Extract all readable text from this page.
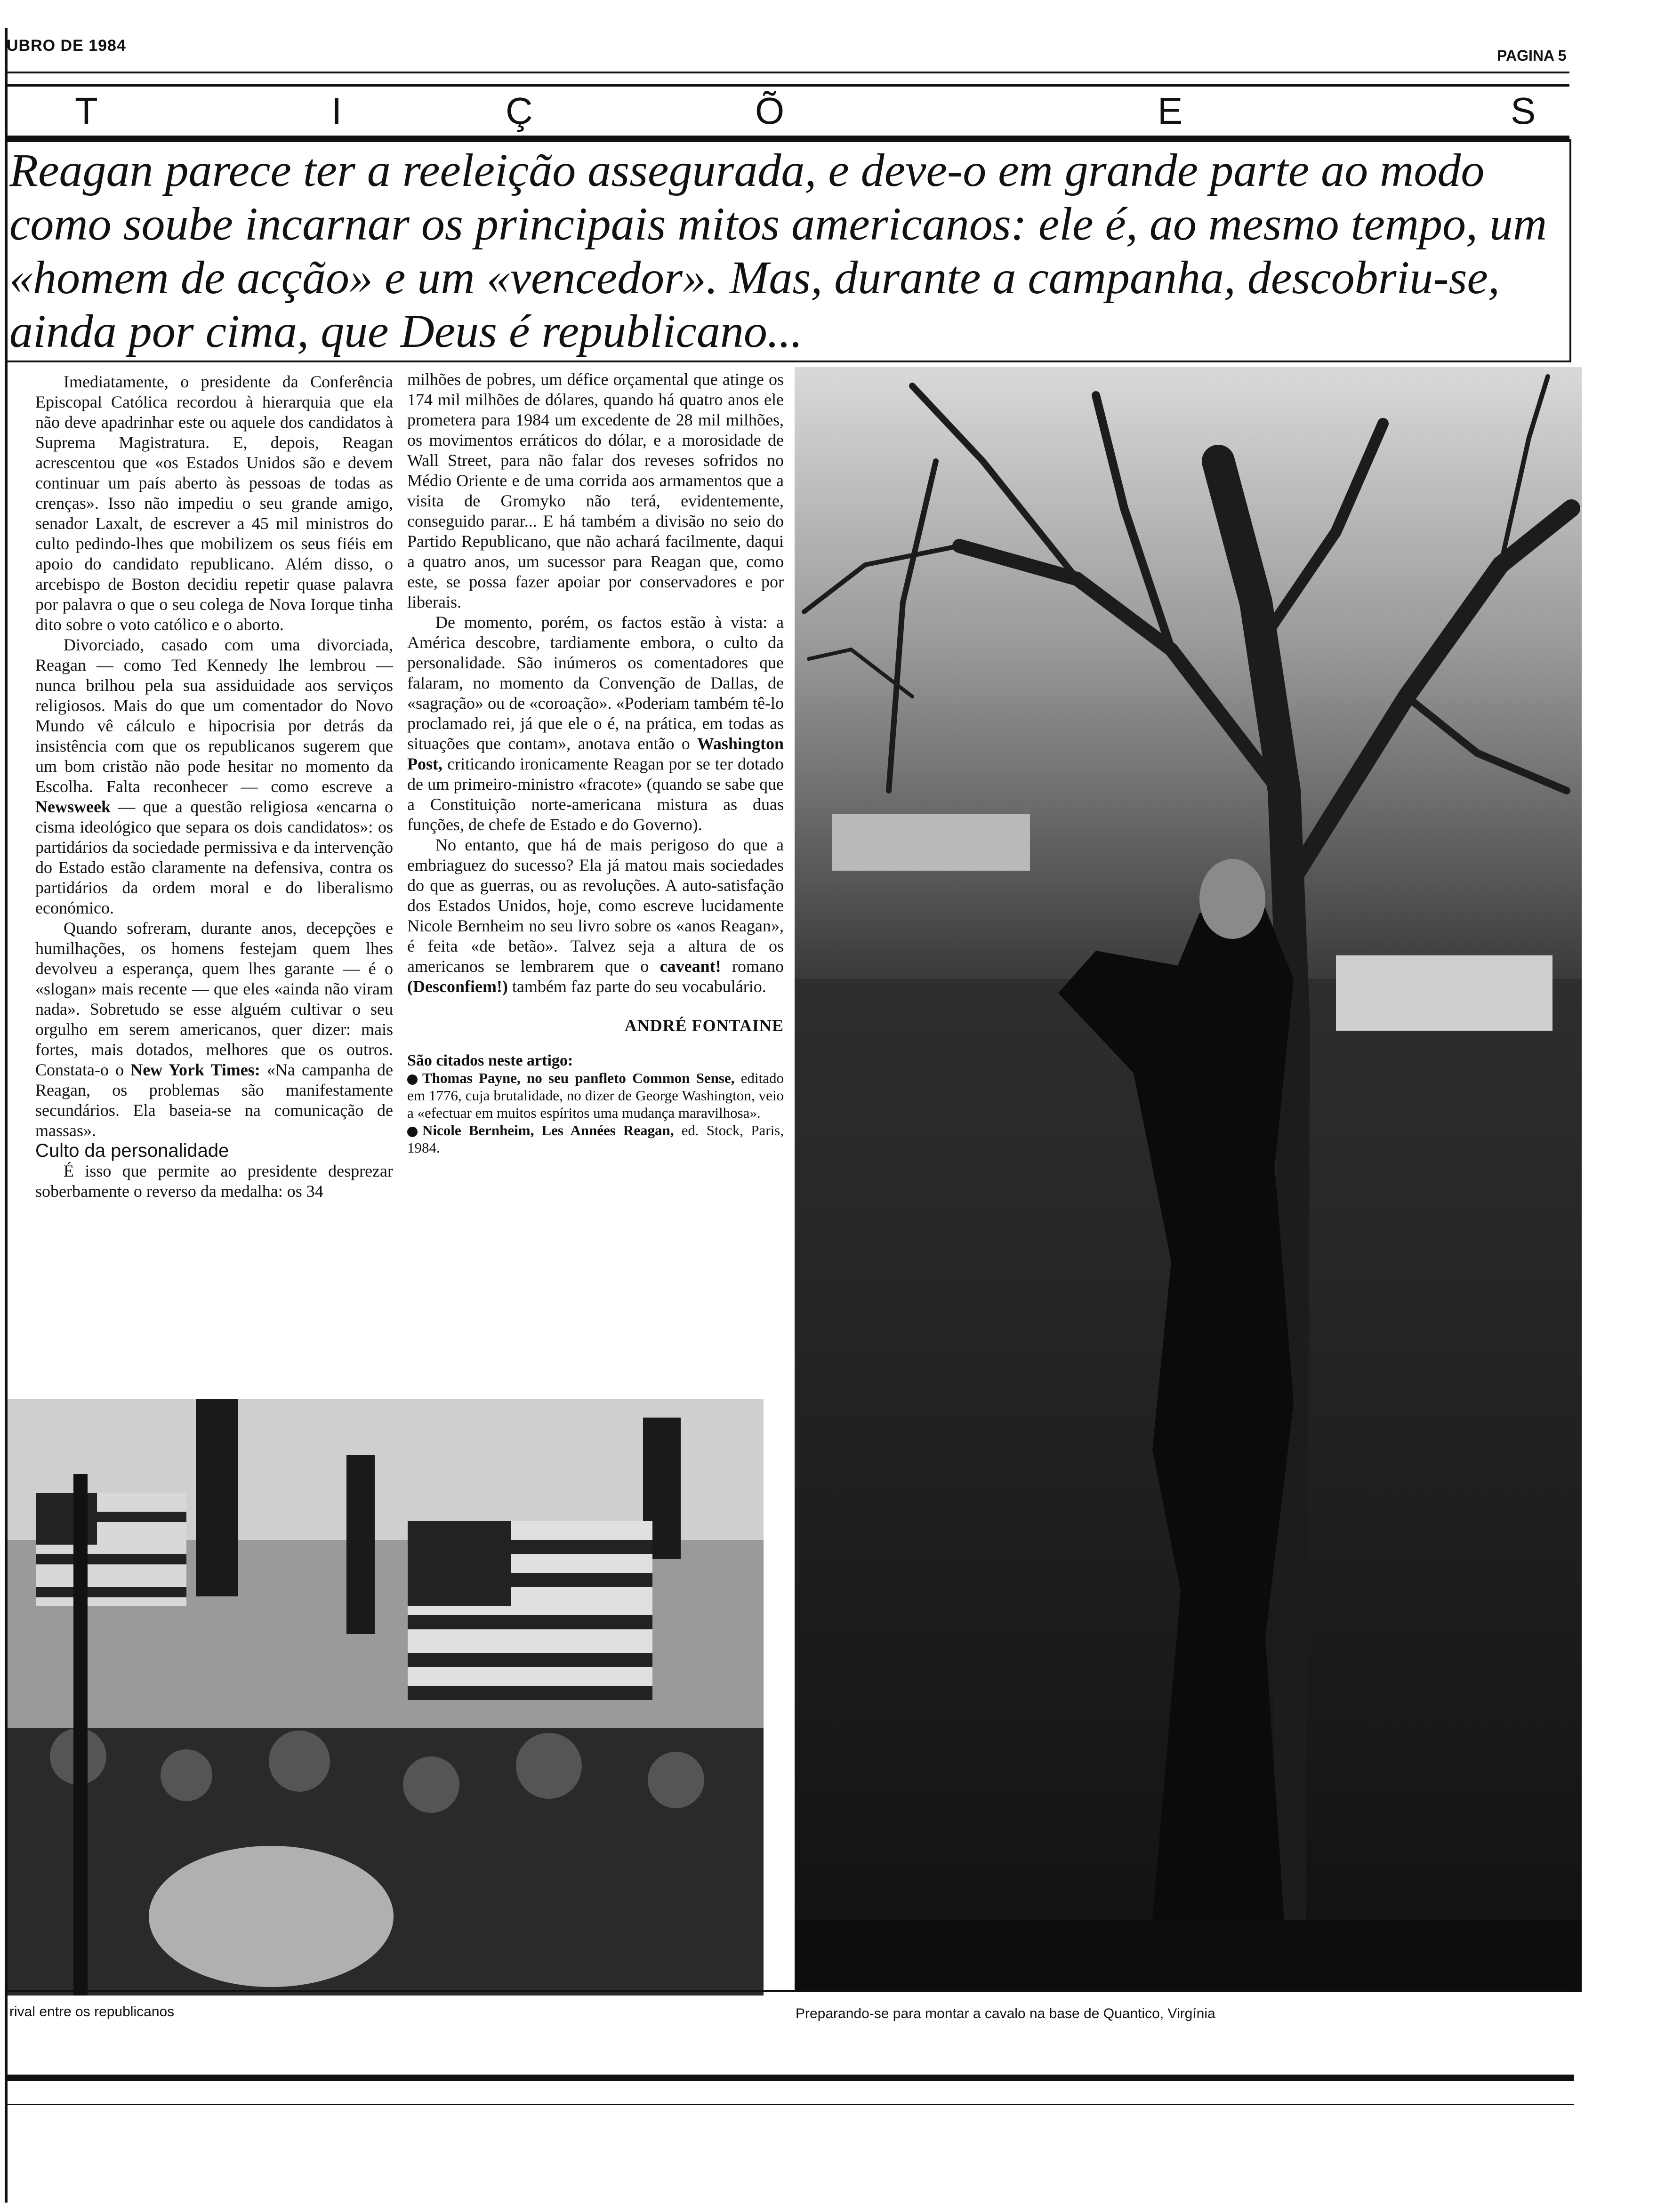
UBRO DE 1984
PAGINA 5
T	I	Ç	Õ	E	S
Reagan parece ter a reeleição assegurada, e deve-o em grande parte ao modo como soube incarnar os principais mitos americanos: ele é, ao mesmo tempo, um «homem de acção» e um «vencedor». Mas, durante a campanha, descobriu-se, ainda por cima, que Deus é republicano...

Imediatamente, o presidente da Conferência Episcopal Católica recordou à hierarquia que ela não deve apadrinhar este ou aquele dos candidatos à Suprema Magistratura. E, depois, Reagan acrescentou que «os Estados Unidos são e devem continuar um país aberto às pessoas de todas as crenças». Isso não impediu o seu grande amigo, senador Laxalt, de escrever a 45 mil ministros do culto pedindo-lhes que mobilizem os seus fiéis em apoio do candidato republicano. Além disso, o arcebispo de Boston decidiu repetir quase palavra por palavra o que o seu colega de Nova Iorque tinha dito sobre o voto católico e o aborto.

Divorciado, casado com uma divorciada, Reagan — como Ted Kennedy lhe lembrou — nunca brilhou pela sua assiduidade aos serviços religiosos. Mais do que um comentador do Novo Mundo vê cálculo e hipocrisia por detrás da insistência com que os republicanos sugerem que um bom cristão não pode hesitar no momento da Escolha. Falta reconhecer — como escreve a Newsweek — que a questão religiosa «encarna o cisma ideológico que separa os dois candidatos»: os partidários da sociedade permissiva e da intervenção do Estado estão claramente na defensiva, contra os partidários da ordem moral e do liberalismo económico.

Quando sofreram, durante anos, decepções e humilhações, os homens festejam quem lhes devolveu a esperança, quem lhes garante — é o «slogan» mais recente — que eles «ainda não viram nada». Sobretudo se esse alguém cultivar o seu orgulho em serem americanos, quer dizer: mais fortes, mais dotados, melhores que os outros. Constata-o o New York Times: «Na campanha de Reagan, os problemas são manifestamente secundários. Ela baseia-se na comunicação de massas».

Culto da personalidade

É isso que permite ao presidente desprezar soberbamente o reverso da medalha: os 34

milhões de pobres, um défice orçamental que atinge os 174 mil milhões de dólares, quando há quatro anos ele prometera para 1984 um excedente de 28 mil milhões, os movimentos erráticos do dólar, e a morosidade de Wall Street, para não falar dos reveses sofridos no Médio Oriente e de uma corrida aos armamentos que a visita de Gromyko não terá, evidentemente, conseguido parar... E há também a divisão no seio do Partido Republicano, que não achará facilmente, daqui a quatro anos, um sucessor para Reagan que, como este, se possa fazer apoiar por conservadores e por liberais.

De momento, porém, os factos estão à vista: a América descobre, tardiamente embora, o culto da personalidade. São inúmeros os comentadores que falaram, no momento da Convenção de Dallas, de «sagração» ou de «coroação». «Poderiam também tê-lo proclamado rei, já que ele o é, na prática, em todas as situações que contam», anotava então o Washington Post, criticando ironicamente Reagan por se ter dotado de um primeiro-ministro «fracote» (quando se sabe que a Constituição norte-americana mistura as duas funções, de chefe de Estado e do Governo).

No entanto, que há de mais perigoso do que a embriaguez do sucesso? Ela já matou mais sociedades do que as guerras, ou as revoluções. A auto-satisfação dos Estados Unidos, hoje, como escreve lucidamente Nicole Bernheim no seu livro sobre os «anos Reagan», é feita «de betão». Talvez seja a altura de os americanos se lembrarem que o caveant! romano (Desconfiem!) também faz parte do seu vocabulário.

ANDRÉ FONTAINE
São citados neste artigo:
Thomas Payne, no seu panfleto Common Sense, editado em 1776, cuja brutalidade, no dizer de George Washington, veio a «efectuar em muitos espíritos uma mudança maravilhosa».
Nicole Bernheim, Les Années Reagan, ed. Stock, Paris, 1984.
rival entre os republicanos	Preparando-se para montar a cavalo na base de Quantico, Virgínia
